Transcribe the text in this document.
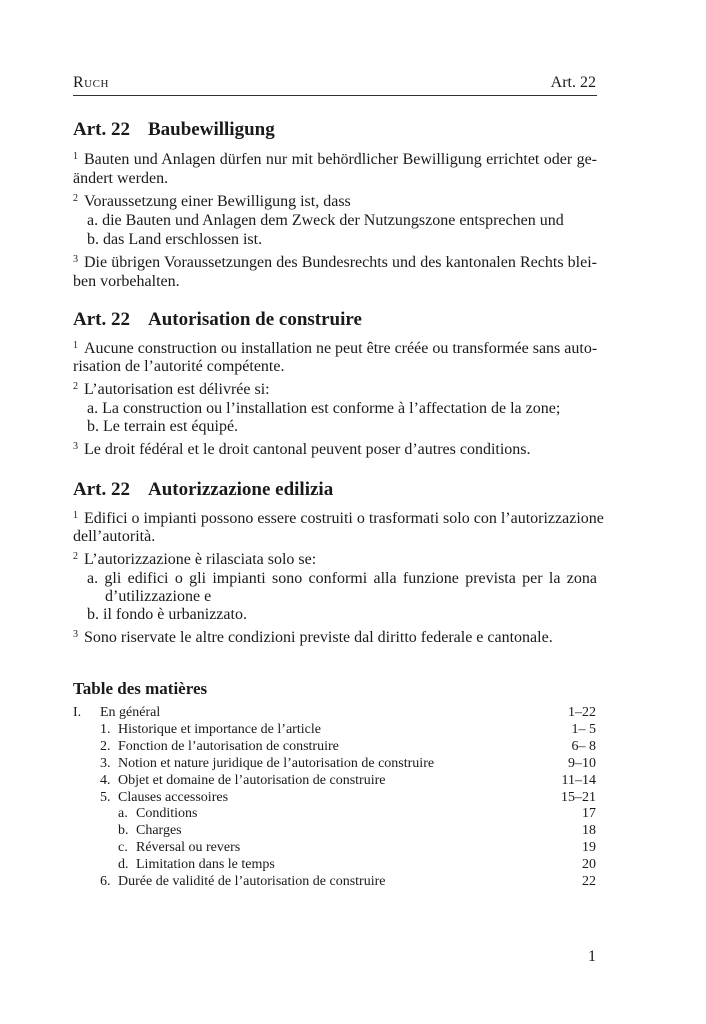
Ruch	Art. 22
Art. 22 Baubewilligung
$^1$ Bauten und Anlagen dürfen nur mit behördlicher Bewilligung errichtet oder ge-
ändert werden.
$^2$ Voraussetzung einer Bewilligung ist, dass
a. die Bauten und Anlagen dem Zweck der Nutzungszone entsprechen und
b. das Land erschlossen ist.
$^3$ Die übrigen Voraussetzungen des Bundesrechts und des kantonalen Rechts blei-
ben vorbehalten.
Art. 22 Autorisation de construire
$^1$ Aucune construction ou installation ne peut être créée ou transformée sans auto-
risation de l’autorité compétente.
$^2$ L’autorisation est délivrée si:
a. La construction ou l’installation est conforme à l’affectation de la zone;
b. Le terrain est équipé.
$^3$ Le droit fédéral et le droit cantonal peuvent poser d’autres conditions.
Art. 22 Autorizzazione edilizia
$^1$ Edifici o impianti possono essere costruiti o trasformati solo con l’autorizzazione
dell’autorità.
$^2$ L’autorizzazione è rilasciata solo se:
a. gli edifici o gli impianti sono conformi alla funzione prevista per la zona
d’utilizzazione e
b. il fondo è urbanizzato.
$^3$ Sono riservate le altre condizioni previste dal diritto federale e cantonale.
Table des matières
I. En général	1–22
1. Historique et importance de l’article	1– 5
2. Fonction de l’autorisation de construire	6– 8
3. Notion et nature juridique de l’autorisation de construire	9–10
4. Objet et domaine de l’autorisation de construire	11–14
5. Clauses accessoires	15–21
a. Conditions	17
b. Charges	18
c. Réversal ou revers	19
d. Limitation dans le temps	20
6. Durée de validité de l’autorisation de construire	22
1
